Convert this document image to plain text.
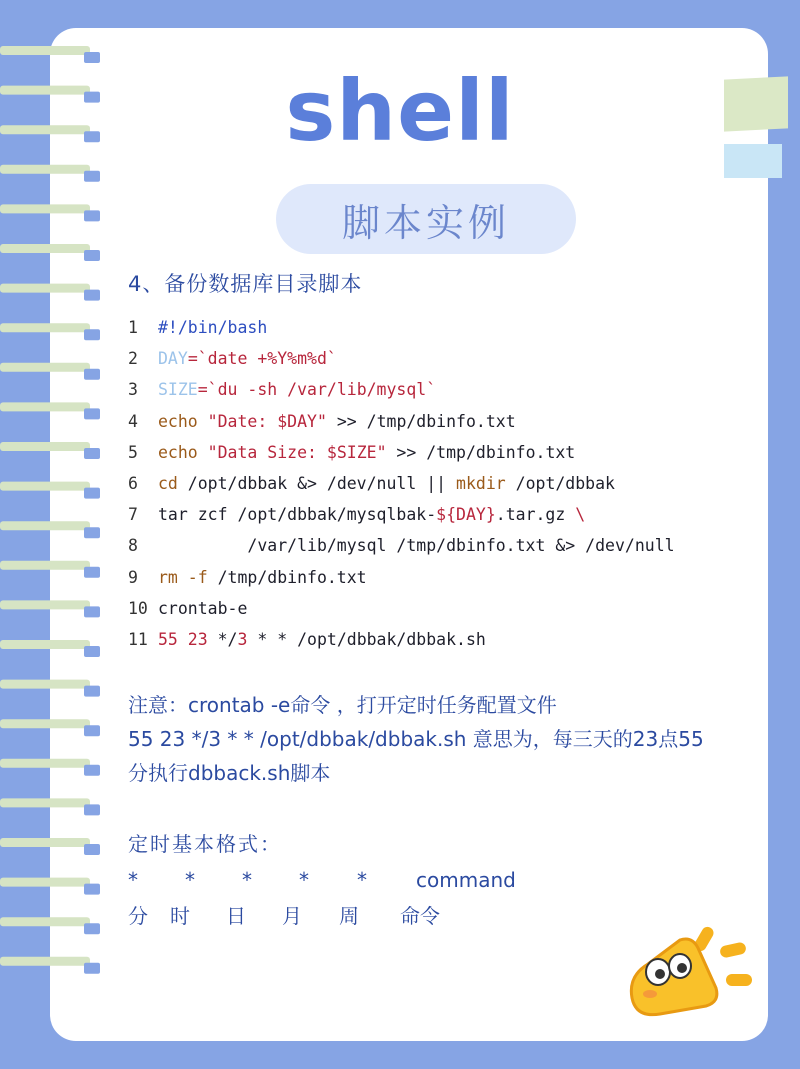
shell
脚本实例
4、备份数据库目录脚本
1	#!/bin/bash
2	DAY =`date +%Y%m%d`
3	SIZE =`du -sh /var/lib/mysql`
4	echo "Date: $DAY " >> /tmp/dbinfo.txt
5	echo "Data Size: $SIZE " >> /tmp/dbinfo.txt
6	cd /opt/dbbak &> /dev/null || mkdir /opt/dbbak
7	tar zcf /opt/dbbak/mysqlbak- ${DAY} .tar.gz \
8	/var/lib/mysql /tmp/dbinfo.txt &> /dev/null
9	rm -f /tmp/dbinfo.txt
10 crontab-e
11 55 23 */ 3 * * /opt/dbbak/dbbak.sh
注意：crontab -e命令 ，打开定时任务配置文件
55 23 */3 * * /opt/dbbak/dbbak.sh 意思为，每三天的23点55
分执行dbback.sh脚本
定时基本格式：
* * * * * command
分 时 日 月 周 命令
